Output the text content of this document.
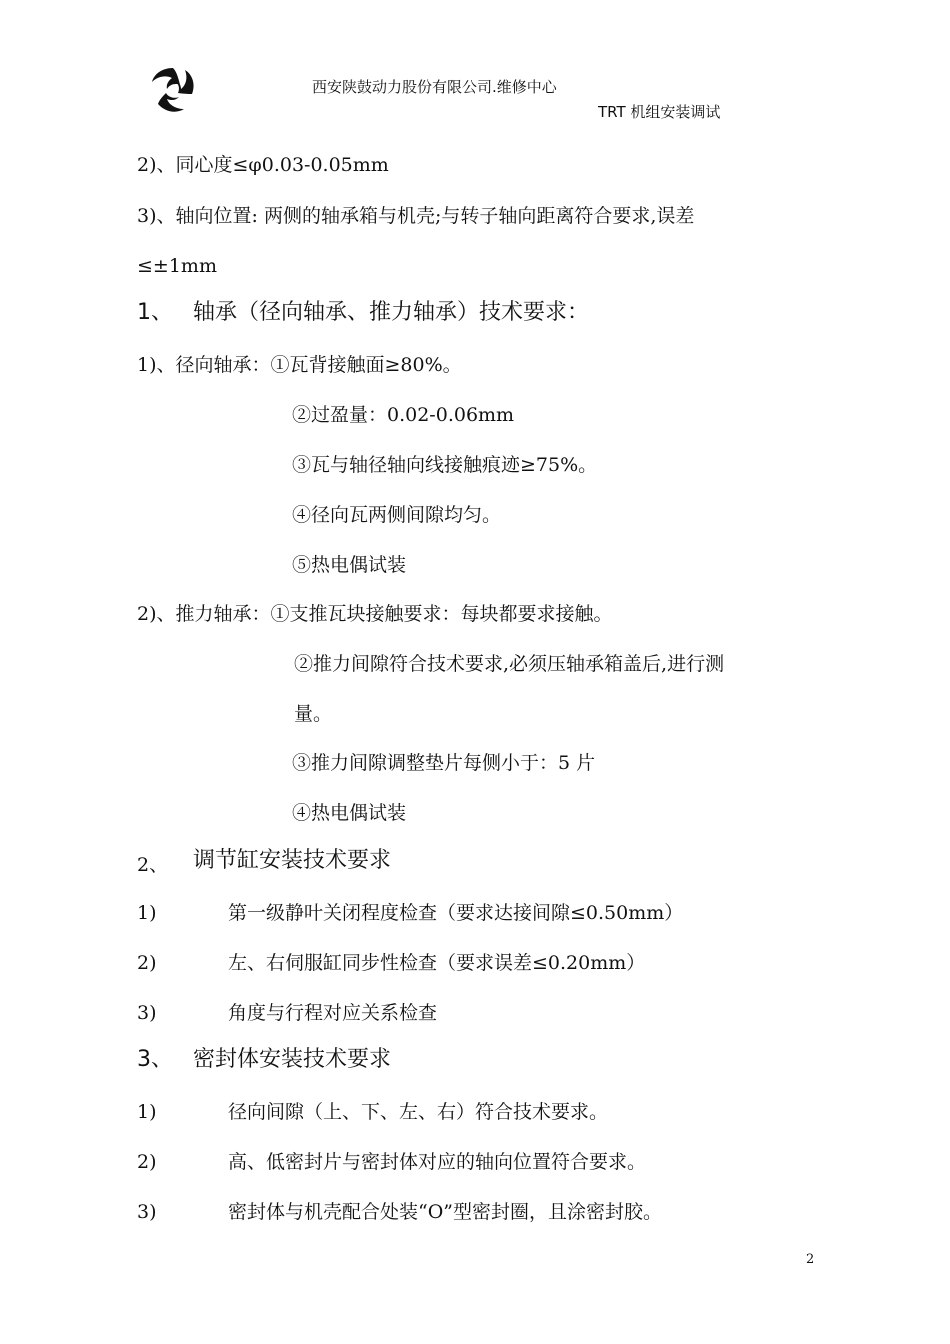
西安陕鼓动力股份有限公司.维修中心
TRT 机组安装调试
2)、同心度≤φ0.03-0.05mm
3)、轴向位置: 两侧的轴承箱与机壳;与转子轴向距离符合要求,误差
≤±1mm
1、 轴承（径向轴承、推力轴承）技术要求：
1)、径向轴承：①瓦背接触面≥80%。
②过盈量：0.02-0.06mm
③瓦与轴径轴向线接触痕迹≥75%。
④径向瓦两侧间隙均匀。
⑤热电偶试装
2)、推力轴承：①支推瓦块接触要求：每块都要求接触。
②推力间隙符合技术要求,必须压轴承箱盖后,进行测
量。
③推力间隙调整垫片每侧小于：5 片
④热电偶试装
2、 调节缸安装技术要求
1)	第一级静叶关闭程度检查（要求达接间隙≤0.50mm）
2)	左、右伺服缸同步性检查（要求误差≤0.20mm）
3)	角度与行程对应关系检查
3、 密封体安装技术要求
1)	径向间隙（上、下、左、右）符合技术要求。
2)	高、低密封片与密封体对应的轴向位置符合要求。
3)	密封体与机壳配合处装“O”型密封圈，且涂密封胶。
2
